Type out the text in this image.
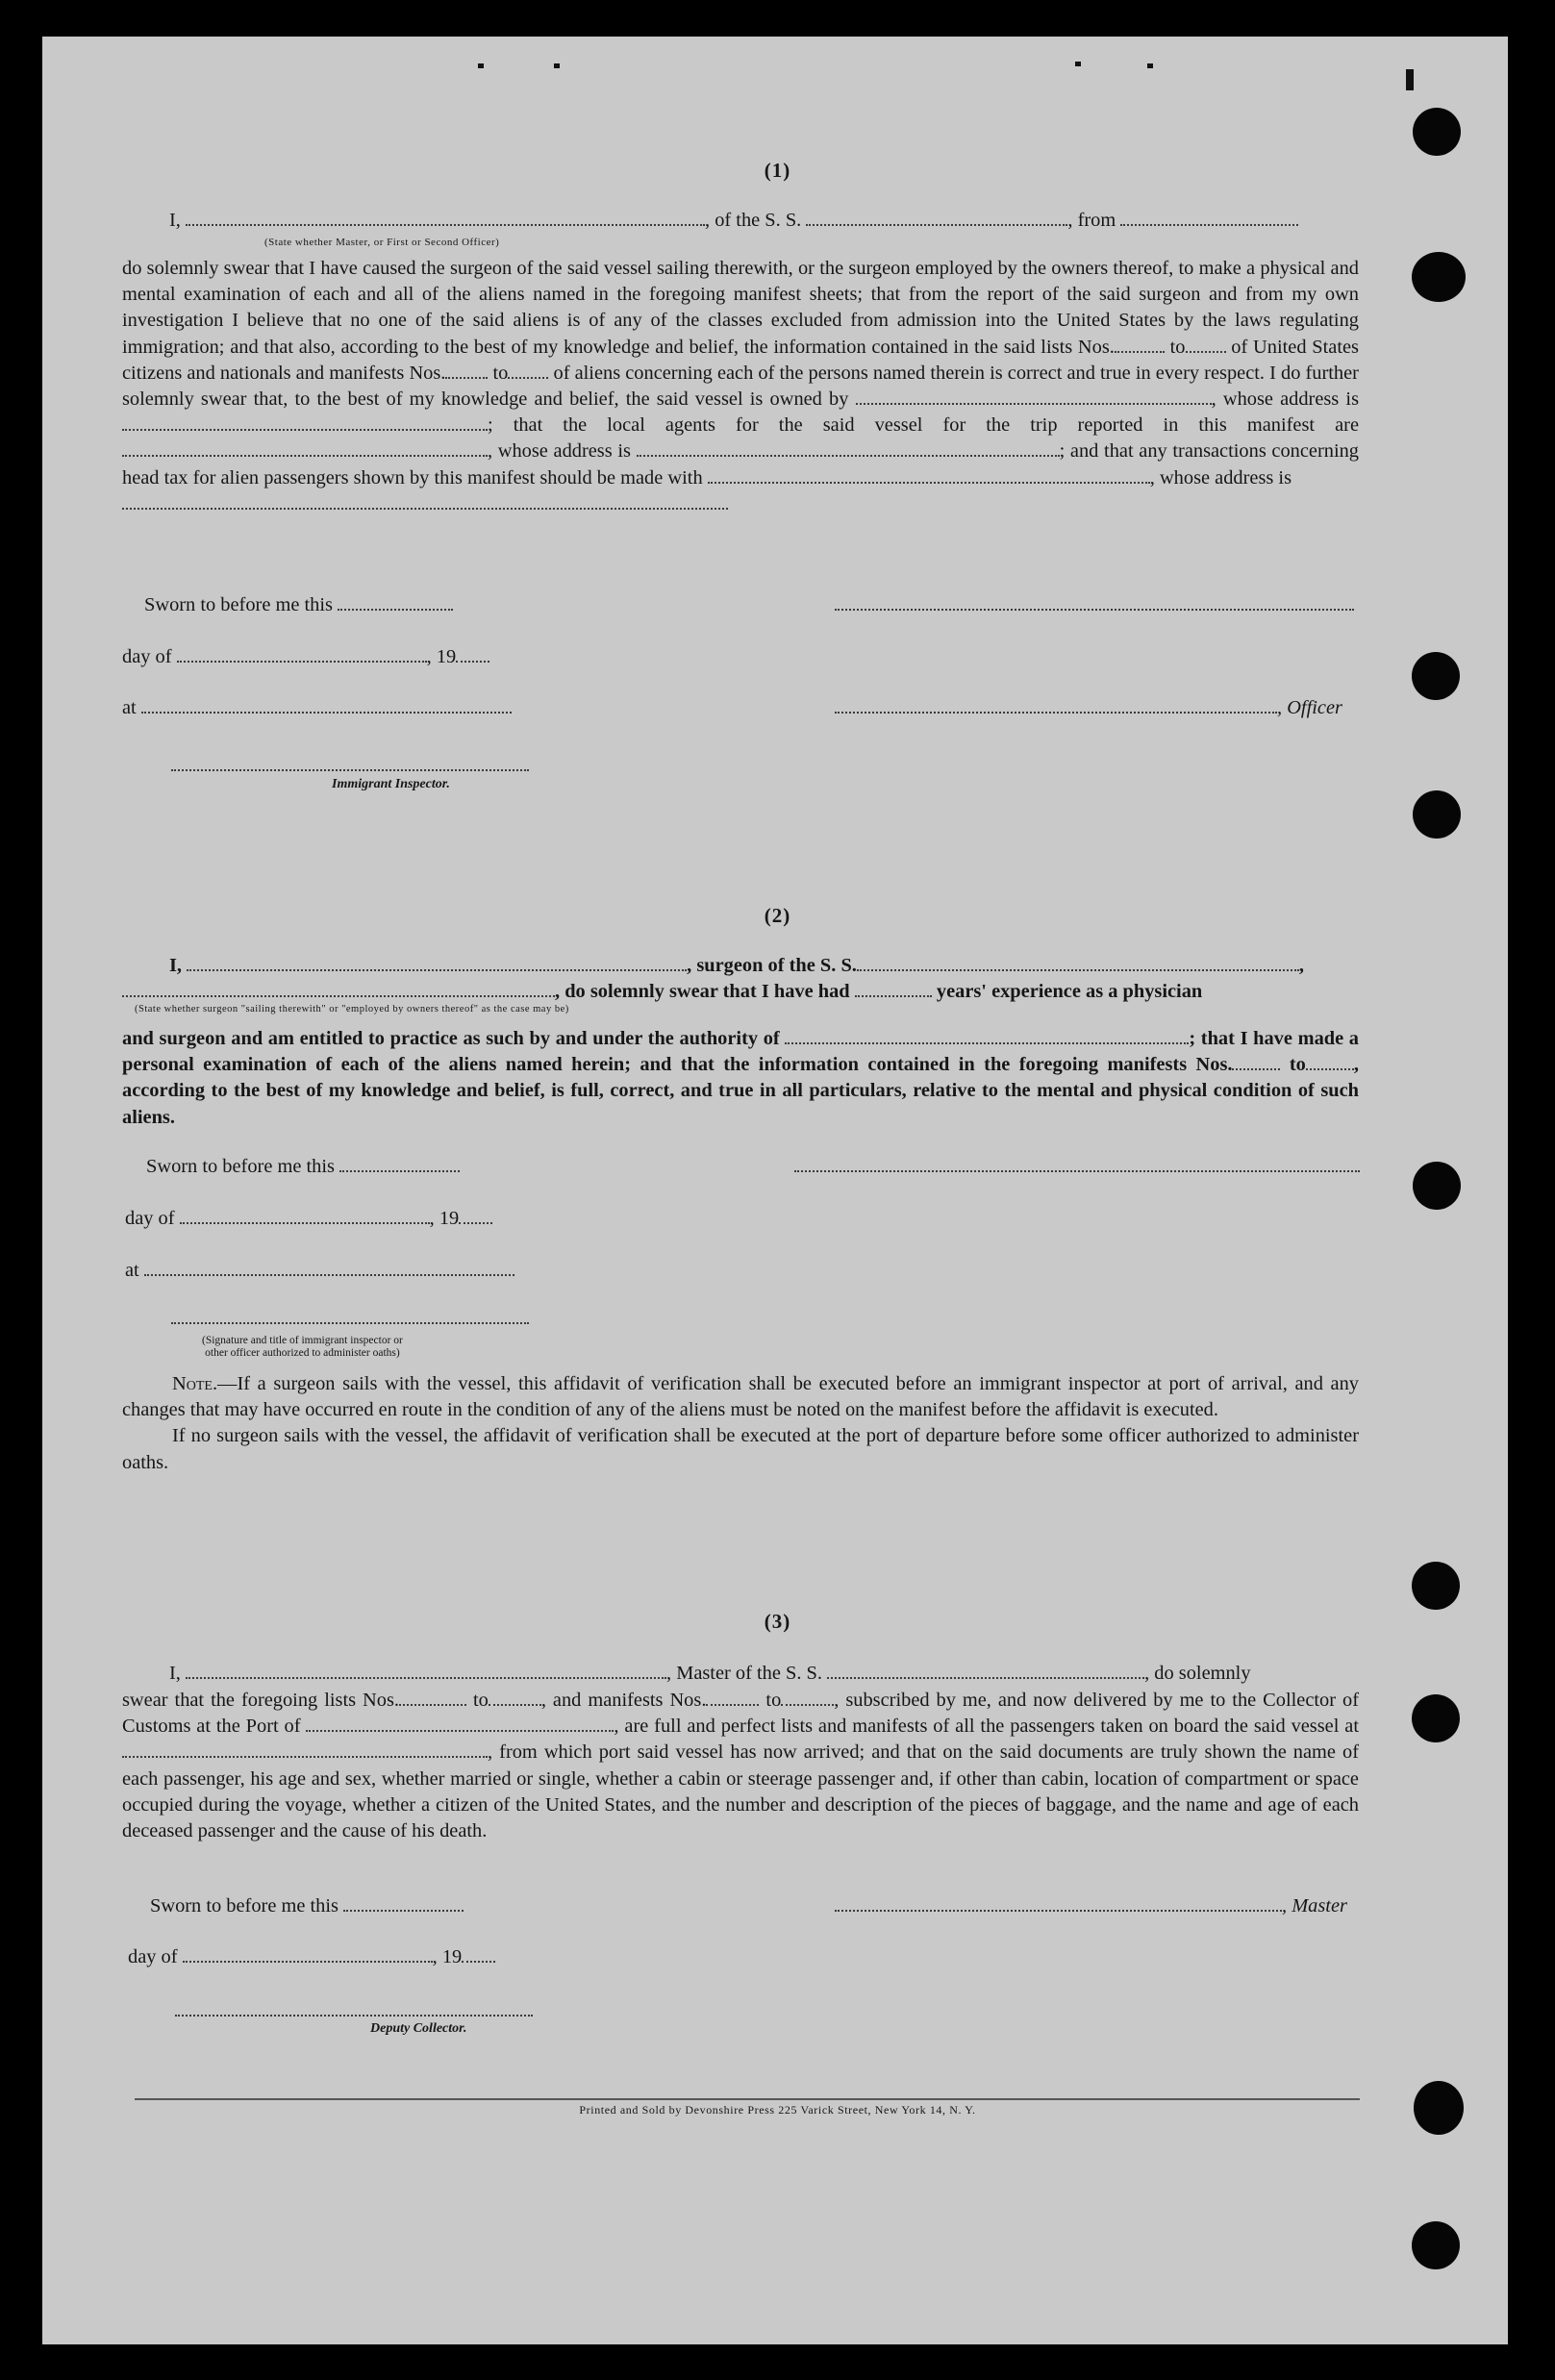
(1)
I,	, of the S. S.	, from
(State whether Master, or First or Second Officer)

do solemnly swear that I have caused the surgeon of the said vessel sailing therewith, or the surgeon employed by the owners thereof, to make a physical and mental examination of each and all of the aliens named in the foregoing manifest sheets; that from the report of the said surgeon and from my own investigation I believe that no one of the said aliens is of any of the classes excluded from admission into the United States by the laws regulating immigration; and that also, according to the best of my knowledge and belief, the information contained in the said lists Nos.	to of United States citizens and nationals and manifests Nos. to of aliens concerning each of the persons named therein is correct and true in every respect. I do further solemnly swear that, to the best of my knowledge and belief, the said vessel is owned by	, whose address is ; that the local agents for the said vessel for the trip reported in this manifest are , whose address is	; and that any transactions concerning head tax for alien passengers shown by this manifest should be made with	, whose address is

Sworn to before me this
day of	, 19
at	, Officer
Immigrant Inspector.
(2)
I,	, surgeon of the S. S.	,
, do solemnly swear that I have had	years' experience as a physician
(State whether surgeon "sailing therewith" or "employed by owners thereof" as the case may be)

and surgeon and am entitled to practice as such by and under the authority of	; that I have made a personal examination of each of the aliens named herein; and that the information contained in the foregoing manifests Nos.	to , according to the best of my knowledge and belief, is full, correct, and true in all particulars, relative to the mental and physical condition of such aliens.

Sworn to before me this
day of	, 19
at
(Signature and title of immigrant inspector or
other officer authorized to administer oaths)

Note.—If a surgeon sails with the vessel, this affidavit of verification shall be executed before an immigrant inspector at port of arrival, and any changes that may have occurred en route in the condition of any of the aliens must be noted on the manifest before the affidavit is executed.

If no surgeon sails with the vessel, the affidavit of verification shall be executed at the port of departure before some officer authorized to administer oaths.

(3)
I,	, Master of the S. S.	, do solemnly

swear that the foregoing lists Nos.	to	, and manifests Nos.	to	, subscribed by me, and now delivered by me to the Collector of Customs at the Port of	, are full and perfect lists and manifests of all the passengers taken on board the said vessel at , from which port said vessel has now arrived; and that on the said documents are truly shown the name of each passenger, his age and sex, whether married or single, whether a cabin or steerage passenger and, if other than cabin, location of compartment or space occupied during the voyage, whether a citizen of the United States, and the number and description of the pieces of baggage, and the name and age of each deceased passenger and the cause of his death.

Sworn to before me this	, Master
day of	, 19
Deputy Collector.
Printed and Sold by Devonshire Press 225 Varick Street, New York 14, N. Y.
